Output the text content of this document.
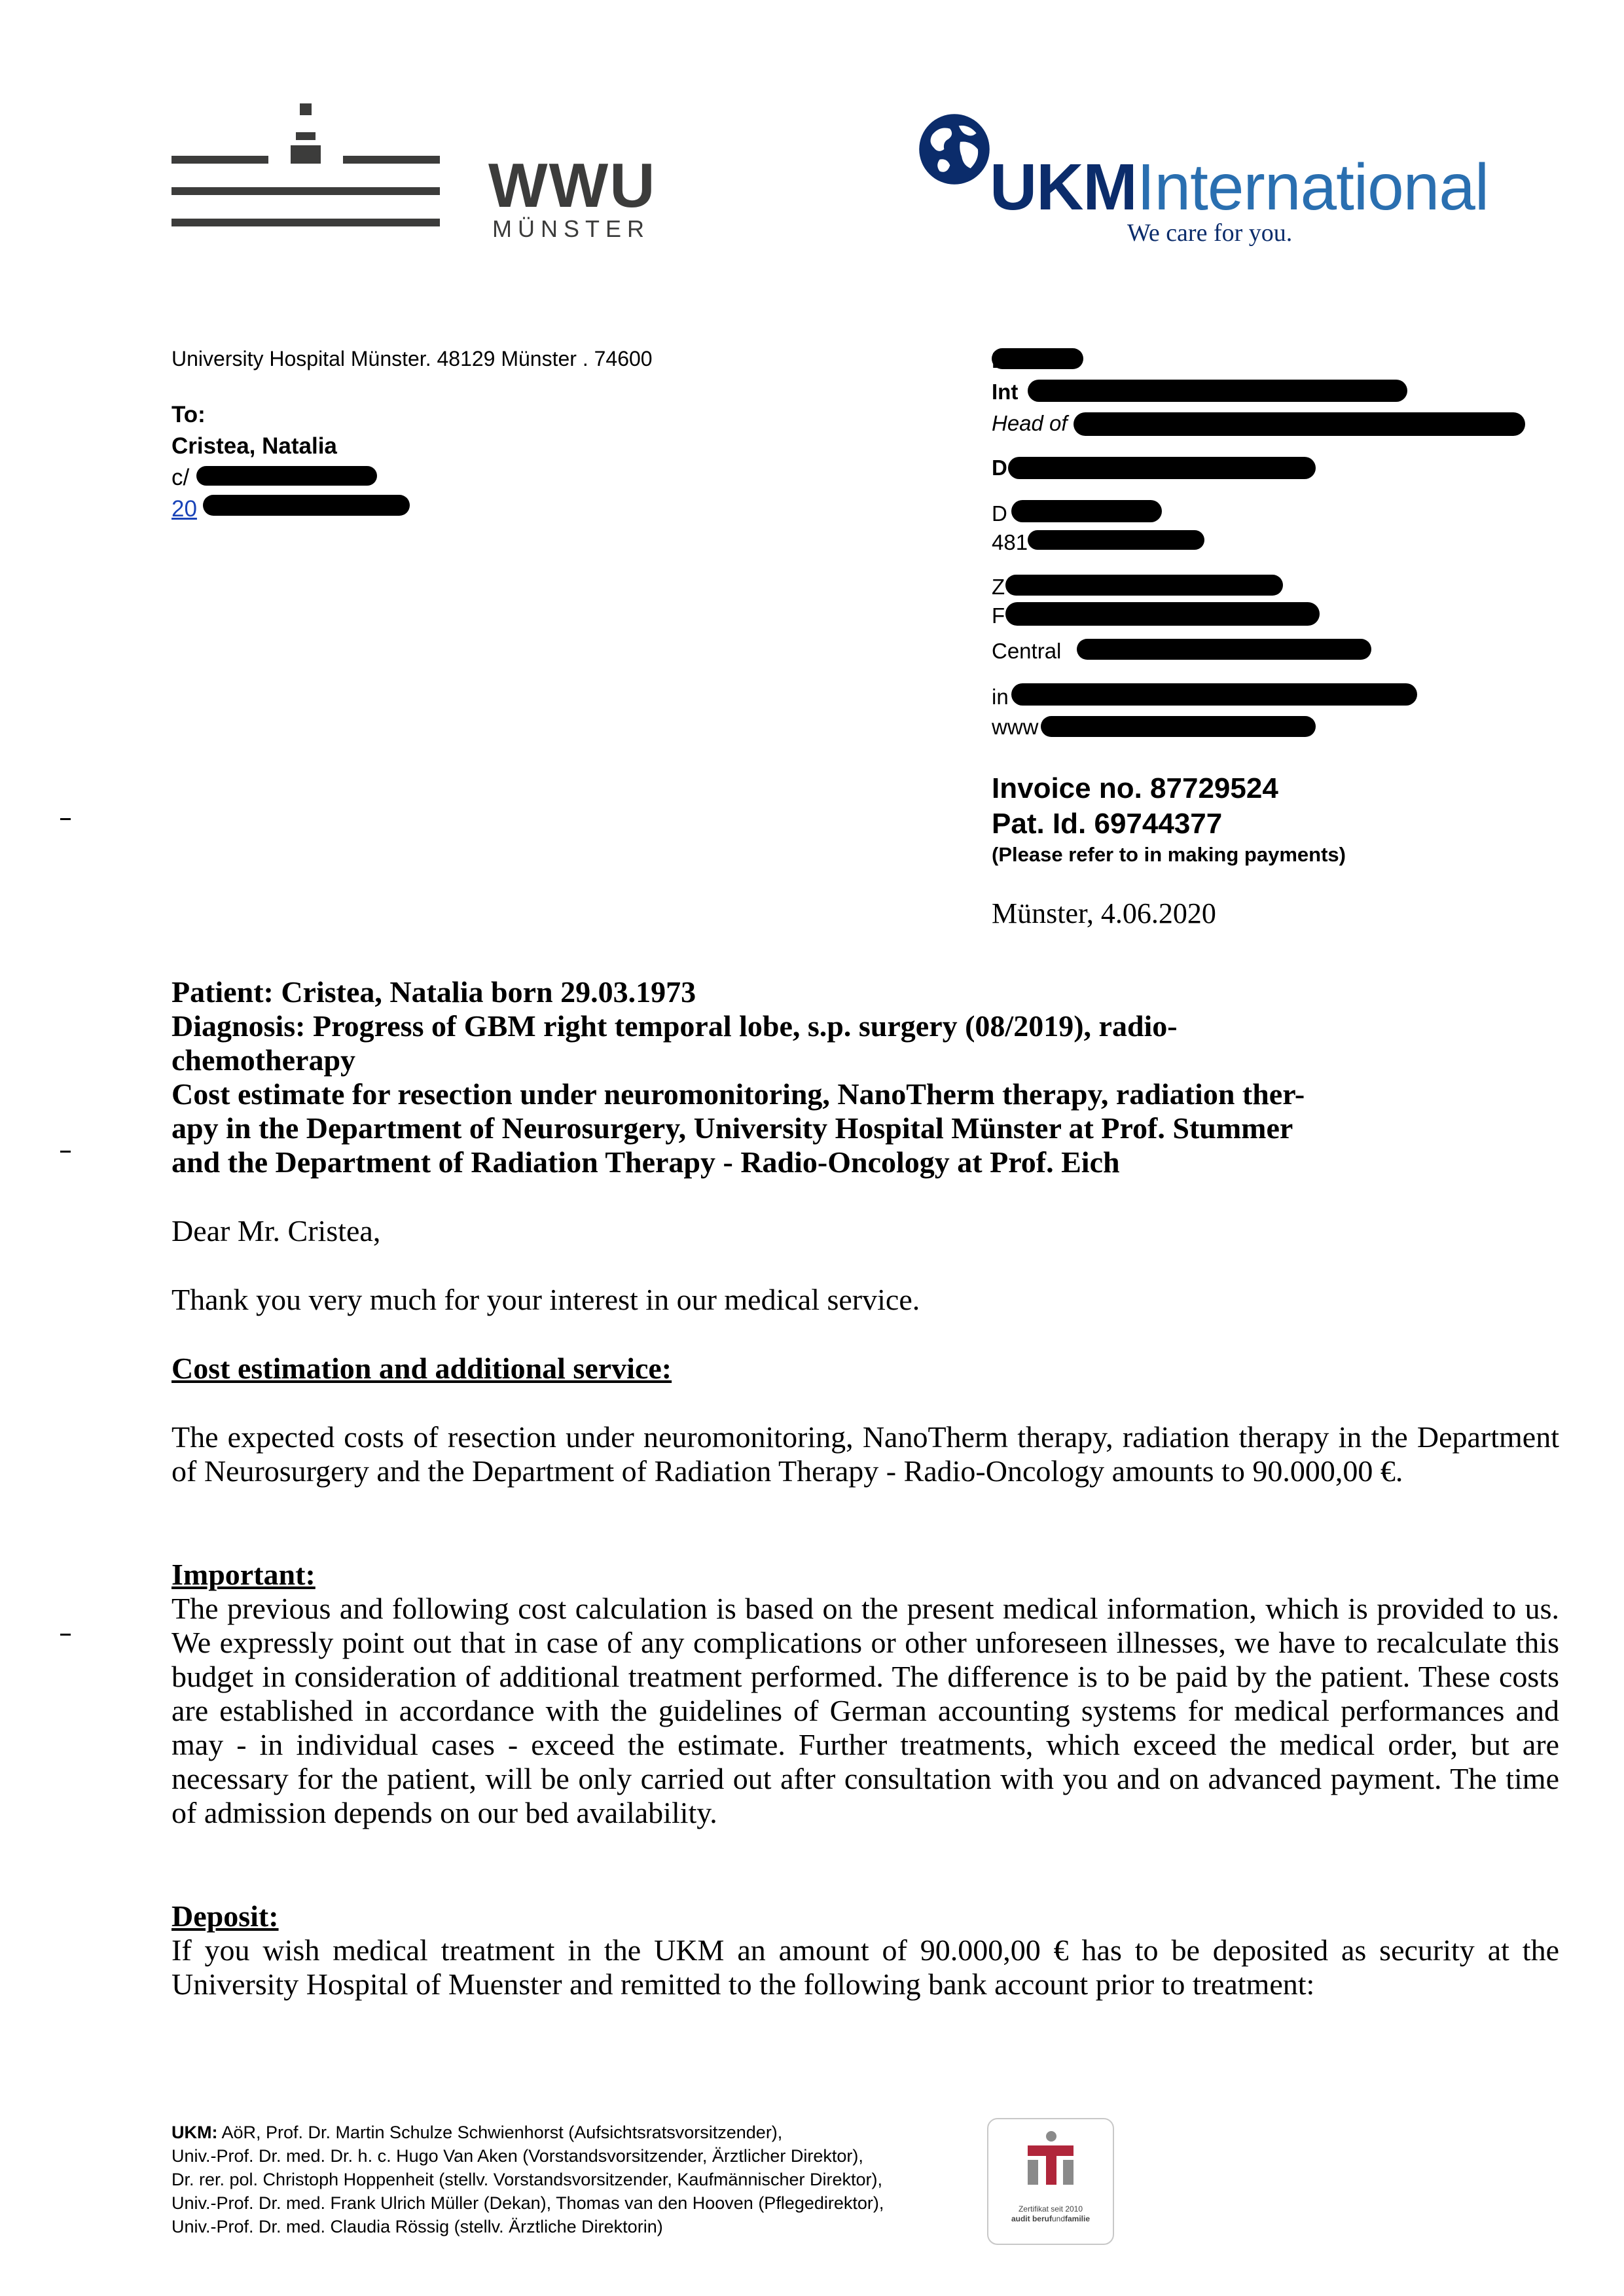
WWU
MÜNSTER
UKMInternational
We care for you.
University Hospital Münster. 48129 Münster . 74600
To:
Cristea, Natalia
c/
20
Int
Head of
D
D
481
Z
F
Central
in
www
Invoice no. 87729524
Pat. Id. 69744377
(Please refer to in making payments)
Münster, 4.06.2020
Patient: Cristea, Natalia born 29.03.1973
Diagnosis: Progress of GBM right temporal lobe, s.p. surgery (08/2019), radio-
chemotherapy
Cost estimate for resection under neuromonitoring, NanoTherm therapy, radiation ther-
apy in the Department of Neurosurgery, University Hospital Münster at Prof. Stummer
and the Department of Radiation Therapy - Radio-Oncology at Prof. Eich
Dear Mr. Cristea,
Thank you very much for your interest in our medical service.
Cost estimation and additional service:
The expected costs of resection under neuromonitoring, NanoTherm therapy, radiation therapy in the Department of Neurosurgery and the Department of Radiation Therapy - Radio-Oncology amounts to 90.000,00 €.
Important:
The previous and following cost calculation is based on the present medical information, which is provided to us. We expressly point out that in case of any complications or other unforeseen illnesses, we have to recalculate this budget in consideration of additional treatment performed. The difference is to be paid by the patient. These costs are established in accordance with the guidelines of German accounting systems for medical performances and may - in individual cases - exceed the estimate. Further treatments, which exceed the medical order, but are necessary for the patient, will be only carried out after consultation with you and on advanced payment. The time of admission depends on our bed availability.
Deposit:
If you wish medical treatment in the UKM an amount of 90.000,00 € has to be deposited as security at the University Hospital of Muenster and remitted to the following bank account prior to treatment:
UKM: AöR, Prof. Dr. Martin Schulze Schwienhorst (Aufsichtsratsvorsitzender),
Univ.-Prof. Dr. med. Dr. h. c. Hugo Van Aken (Vorstandsvorsitzender, Ärztlicher Direktor),
Dr. rer. pol. Christoph Hoppenheit (stellv. Vorstandsvorsitzender, Kaufmännischer Direktor),
Univ.-Prof. Dr. med. Frank Ulrich Müller (Dekan), Thomas van den Hooven (Pflegedirektor),
Univ.-Prof. Dr. med. Claudia Rössig (stellv. Ärztliche Direktorin)
Zertifikat seit 2010
audit berufundfamilie
